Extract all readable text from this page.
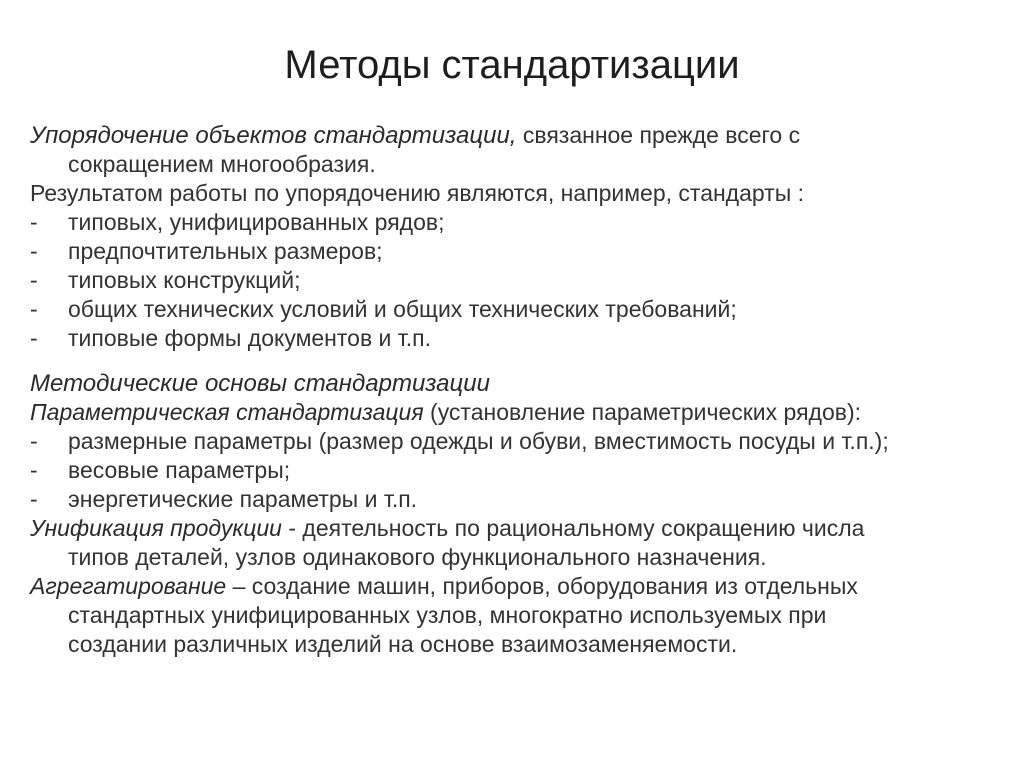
Методы стандартизации
Упорядочение объектов стандартизации, связанное прежде всего с
сокращением многообразия.
Результатом работы по упорядочению являются, например, стандарты :
-	типовых, унифицированных рядов;
-	предпочтительных размеров;
-	типовых конструкций;
-	общих технических условий и общих технических требований;
-	типовые формы документов и т.п.
Методические основы стандартизации
Параметрическая стандартизация (установление параметрических рядов):
-	размерные параметры (размер одежды и обуви, вместимость посуды и т.п.);
-	весовые параметры;
-	энергетические параметры и т.п.
Унификация продукции - деятельность по рациональному сокращению числа
типов деталей, узлов одинакового функционального назначения.
Агрегатирование – создание машин, приборов, оборудования из отдельных
стандартных унифицированных узлов, многократно используемых при
создании различных изделий на основе взаимозаменяемости.
